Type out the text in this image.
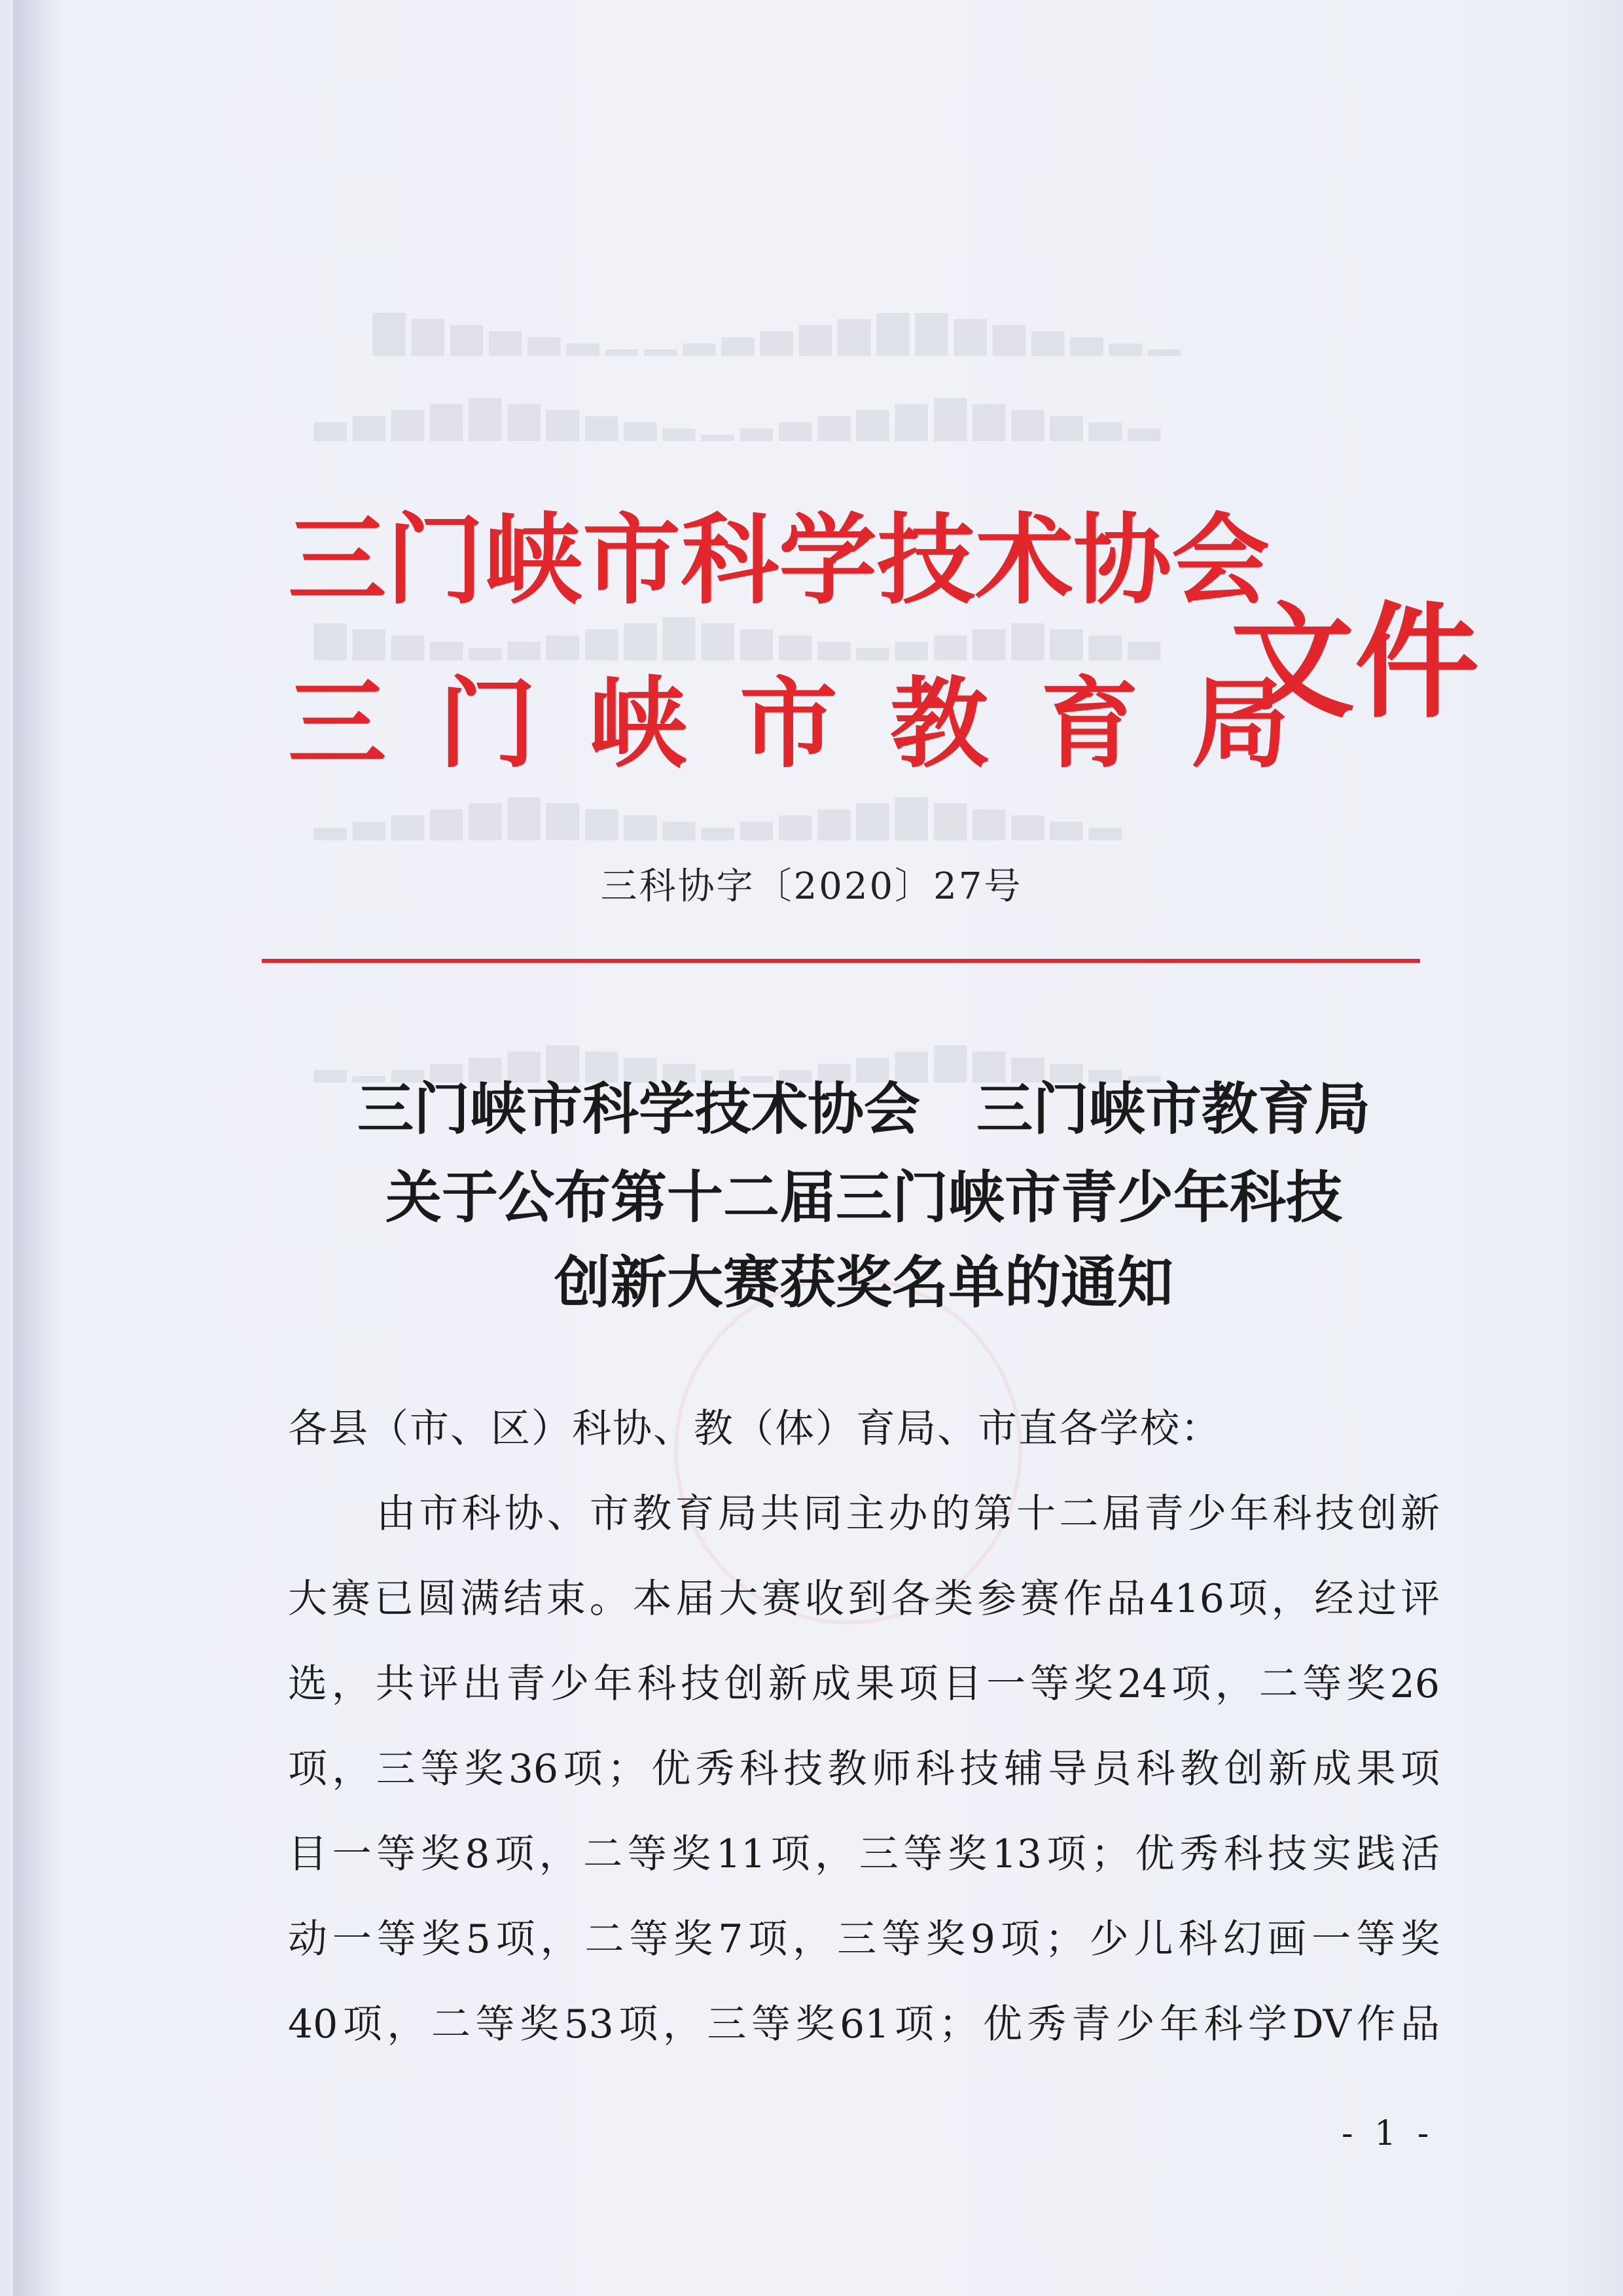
▁▂▃▄▅▆▇▇▆▅▄▃▂▁▁▂▃▄▅▆▇
▂▃▄▅▆▇▆▅▄▃▂▁▂▃▄▅▆▇▆▅▄▃
▃▄▅▆▅▄▃▂▃▄▅▆▇▆▅▄▃▂▃▄▅▆
▂▃▄▅▆▇▆▅▄▃▂▃▄▅▆▇▆▅▄▃▂
▁▂▃▄▅▆▅▄▃▂▁▂▃▄▅▆▅▄▃▂▁▂
三门峡市科学技术协会
三门峡市教育局
文件
三科协字〔2020〕27号
三门峡市科学技术协会　三门峡市教育局
关于公布第十二届三门峡市青少年科技
创新大赛获奖名单的通知
各县（市、区）科协、教（体）育局、市直各学校：
由市科协、市教育局共同主办的第十二届青少年科技创新
大赛已圆满结束。本届大赛收到各类参赛作品416项，经过评
选，共评出青少年科技创新成果项目一等奖24项，二等奖26
项，三等奖36项；优秀科技教师科技辅导员科教创新成果项
目一等奖8项，二等奖11项，三等奖13项；优秀科技实践活
动一等奖5项，二等奖7项，三等奖9项；少儿科幻画一等奖
40项，二等奖53项，三等奖61项；优秀青少年科学DV作品
- 1 -
